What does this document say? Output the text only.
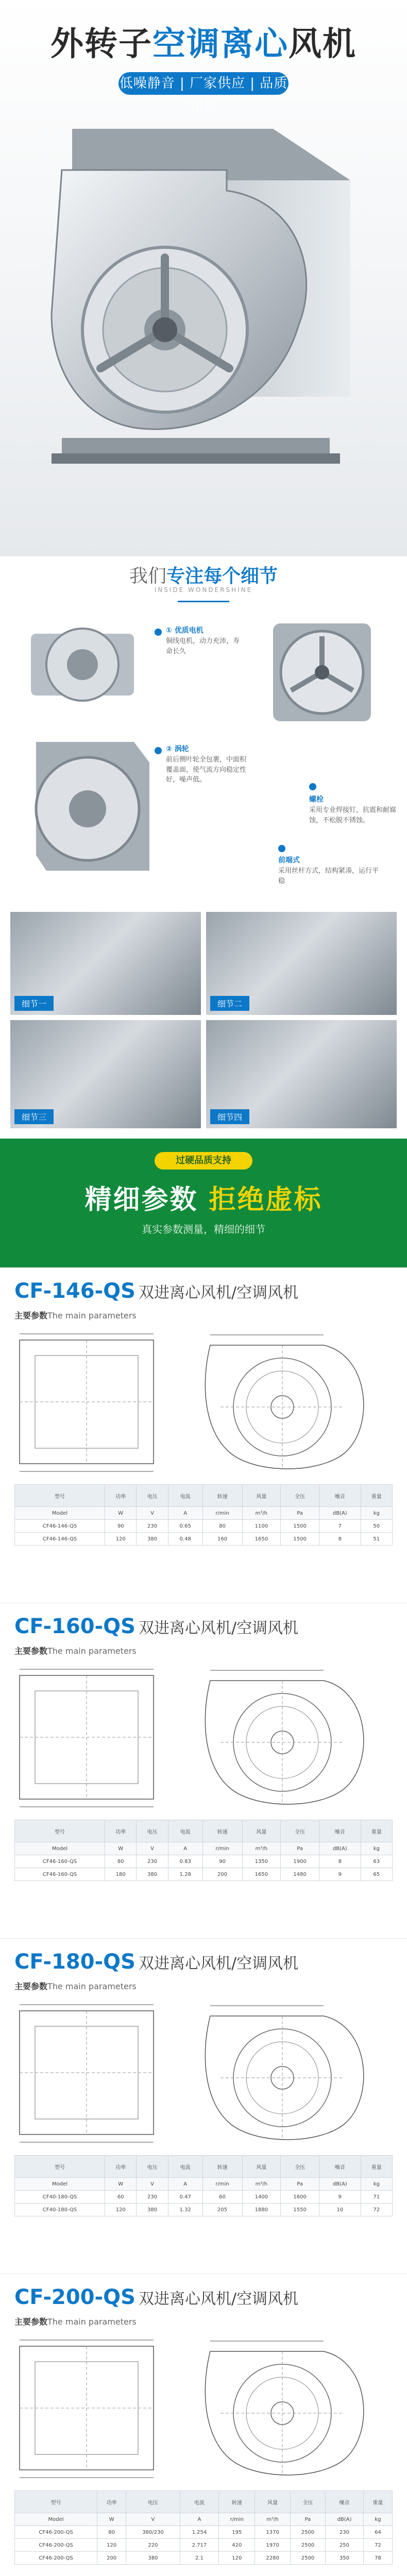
外转子空调离心风机
低噪静音 | 厂家供应 | 品质保证
我们专注每个细节
INSIDE WONDERSHINE
① 优质电机
铜线电机，动力充沛，寿命长久
② 涡轮
前后侧叶轮全包裹，中面积覆盖面，使气流方向稳定性好，噪声低。
螺栓
采用专业焊接钉，抗震和耐腐蚀，不松脱不锈蚀。
前端式
采用丝杆方式，结构紧凑，运行平稳
细节一	细节二
细节三	细节四
过硬品质支持
精细参数 拒绝虚标
真实参数测量，精细的细节
CF-146-QS 双进离心风机/空调风机
主要参数The main parameters
型号	功率	电压	电流	转速	风量	全压	噪音	重量
Model	W	V	A	r/min	m³/h	Pa	dB(A)	kg
CF46-146-QS	90	230	0.65	80	1100	1500	7	50
CF46-146-QS	120	380	0.48	160	1650	1500	8	51
CF-160-QS 双进离心风机/空调风机
主要参数The main parameters
型号	功率	电压	电流	转速	风量	全压	噪音	重量
Model	W	V	A	r/min	m³/h	Pa	dB(A)	kg
CF46-160-QS	80	230	0.83	90	1350	1900	8	63
CF46-160-QS	180	380	1.28	200	1650	1480	9	65
CF-180-QS 双进离心风机/空调风机
主要参数The main parameters
型号	功率	电压	电流	转速	风量	全压	噪音	重量
Model	W	V	A	r/min	m³/h	Pa	dB(A)	kg
CF40-180-QS	60	230	0.47	60	1400	1600	9	71
CF40-180-QS	120	380	1.32	205	1880	1550	10	72
CF-200-QS 双进离心风机/空调风机
主要参数The main parameters
型号	功率	电压	电流	转速	风量	全压	噪音	重量
Model	W	V	A	r/min	m³/h	Pa	dB(A)	kg
CF46-200-QS	80	380/230	1.254	195	1370	2500	230	64
CF46-200-QS	120	220	2.717	420	1970	2500	250	72
CF46-200-QS	200	380	2.1	120	2280	2500	350	78
